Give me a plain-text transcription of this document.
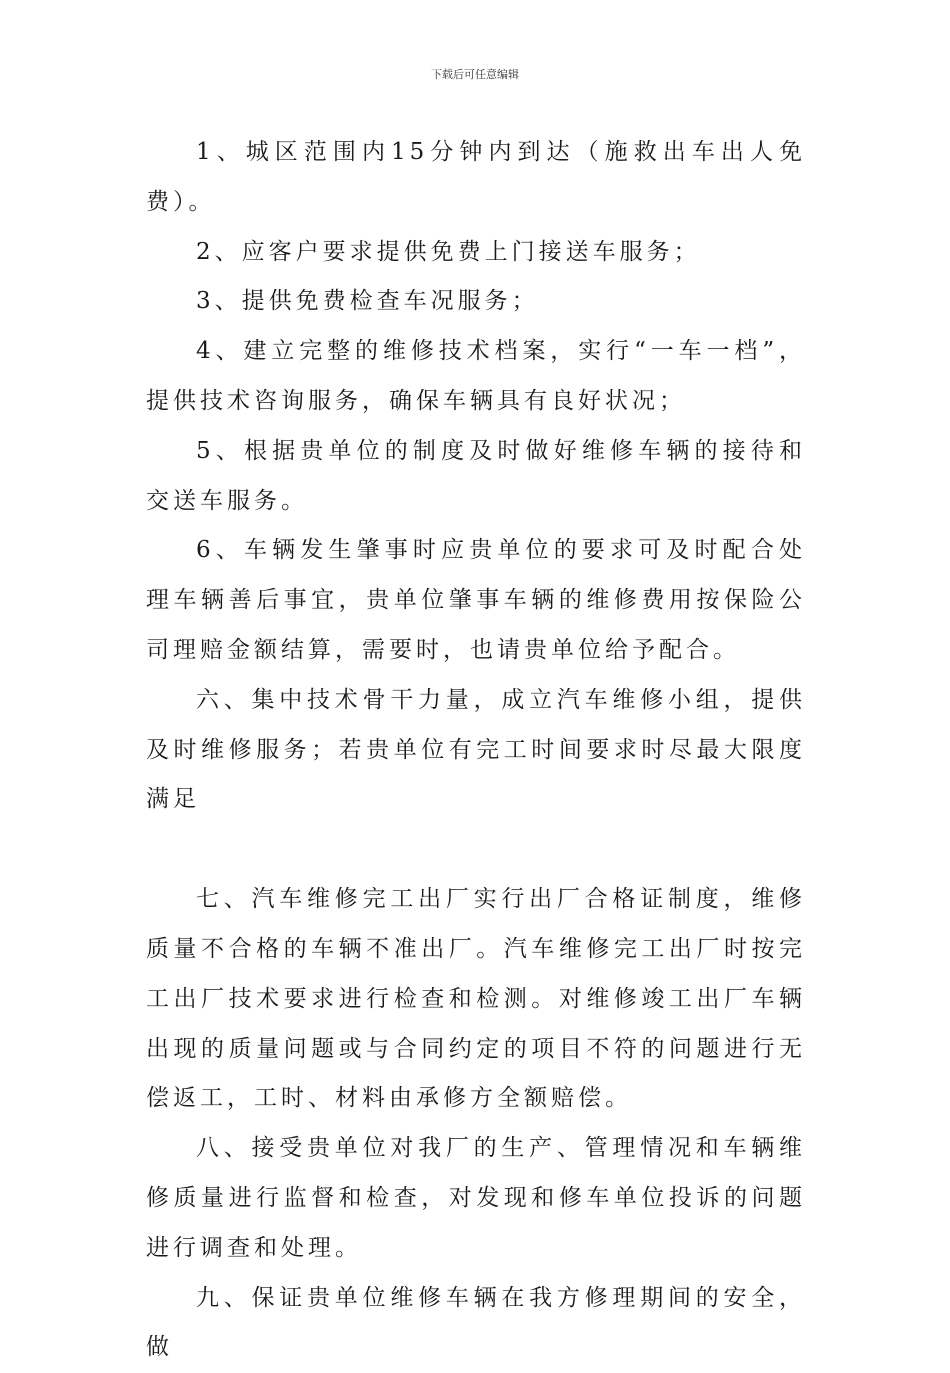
下载后可任意编辑

1、城区范围内15分钟内到达（施救出车出人免费）。

2、应客户要求提供免费上门接送车服务；

3、提供免费检查车况服务；

4、建立完整的维修技术档案，实行“一车一档”，提供技术咨询服务，确保车辆具有良好状况；

5、根据贵单位的制度及时做好维修车辆的接待和交送车服务。

6、车辆发生肇事时应贵单位的要求可及时配合处理车辆善后事宜，贵单位肇事车辆的维修费用按保险公司理赔金额结算，需要时，也请贵单位给予配合。

六、集中技术骨干力量，成立汽车维修小组，提供及时维修服务；若贵单位有完工时间要求时尽最大限度满足

七、汽车维修完工出厂实行出厂合格证制度，维修质量不合格的车辆不准出厂。汽车维修完工出厂时按完工出厂技术要求进行检查和检测。对维修竣工出厂车辆出现的质量问题或与合同约定的项目不符的问题进行无偿返工，工时、材料由承修方全额赔偿。

八、接受贵单位对我厂的生产、管理情况和车辆维修质量进行监督和检查，对发现和修车单位投诉的问题进行调查和处理。

九、保证贵单位维修车辆在我方修理期间的安全，做
